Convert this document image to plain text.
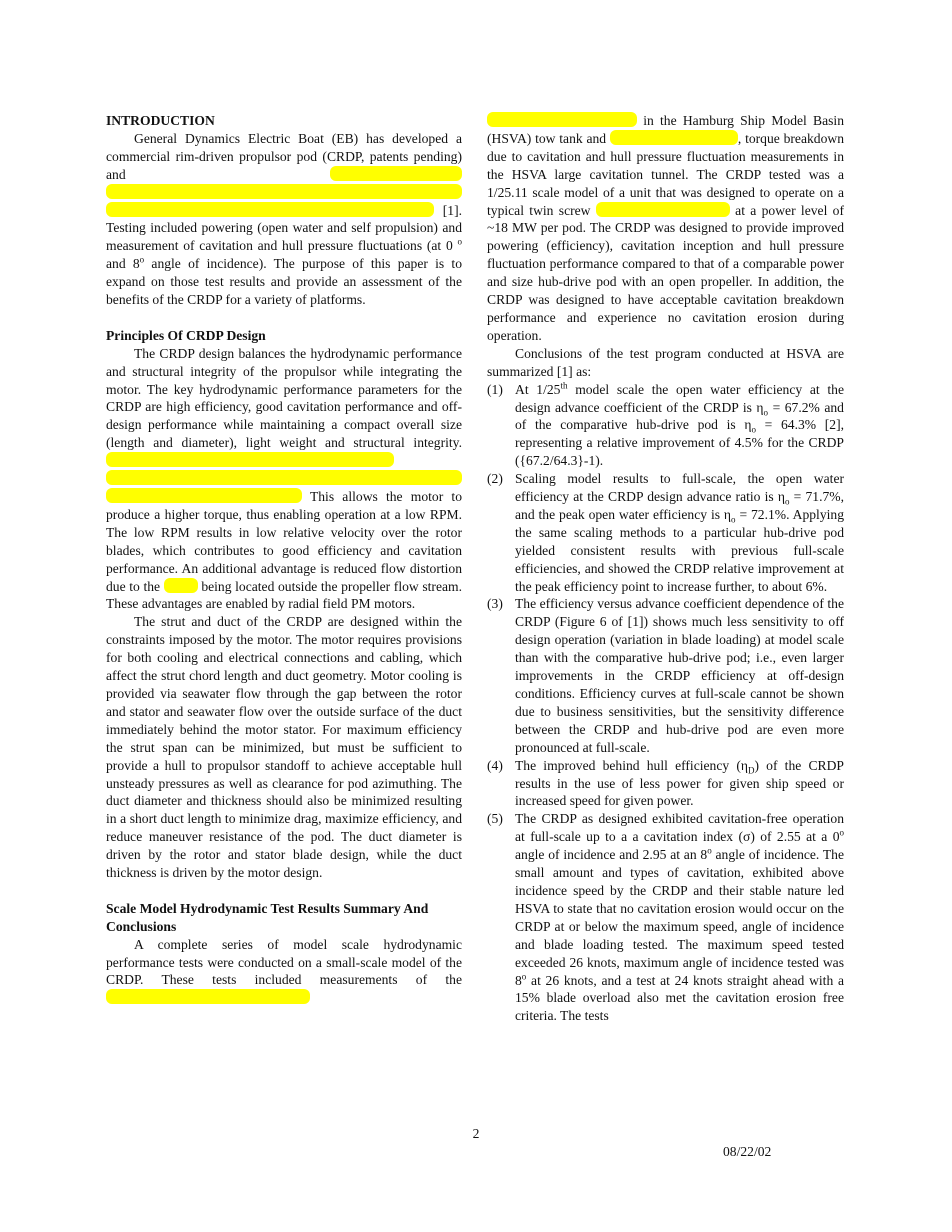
INTRODUCTION

General Dynamics Electric Boat (EB) has developed a commercial rim-driven propulsor pod (CRDP, patents pending) and    [1]. Testing included powering (open water and self propulsion) and measurement of cavitation and hull pressure fluctuations (at 0 $^o$ and 8$^o$ angle of incidence). The purpose of this paper is to expand on those test results and provide an assessment of the benefits of the CRDP for a variety of platforms.

Principles Of CRDP Design

The CRDP design balances the hydrodynamic performance and structural integrity of the propulsor while integrating the motor. The key hydrodynamic performance parameters for the CRDP are high efficiency, good cavitation performance and off-design performance while maintaining a compact overall size (length and diameter), light weight and structural integrity.    This allows the motor to produce a higher torque, thus enabling operation at a low RPM. The low RPM results in low relative velocity over the rotor blades, which contributes to good efficiency and cavitation performance. An additional advantage is reduced flow distortion due to the	being located outside the propeller flow stream. These advantages are enabled by radial field PM motors.

The strut and duct of the CRDP are designed within the constraints imposed by the motor. The motor requires provisions for both cooling and electrical connections and cabling, which affect the strut chord length and duct geometry. Motor cooling is provided via seawater flow through the gap between the rotor and stator and seawater flow over the outside surface of the duct immediately behind the motor stator. For maximum efficiency the strut span can be minimized, but must be sufficient to provide a hull to propulsor standoff to achieve acceptable hull unsteady pressures as well as clearance for pod azimuthing. The duct diameter and thickness should also be minimized resulting in a short duct length to minimize drag, maximize efficiency, and reduce maneuver resistance of the pod. The duct diameter is driven by the rotor and stator blade design, while the duct thickness is driven by the motor design.

Scale Model Hydrodynamic Test Results Summary And Conclusions

A complete series of model scale hydrodynamic performance tests were conducted on a small-scale model of the CRDP. These tests included measurements of the

in the Hamburg Ship Model Basin (HSVA) tow tank and	, torque breakdown due to cavitation and hull pressure fluctuation measurements in the HSVA large cavitation tunnel. The CRDP tested was a 1/25.11 scale model of a unit that was designed to operate on a typical twin screw	at a power level of ~18 MW per pod. The CRDP was designed to provide improved powering (efficiency), cavitation inception and hull pressure fluctuation performance compared to that of a comparable power and size hub-drive pod with an open propeller. In addition, the CRDP was designed to have acceptable cavitation breakdown performance and experience no cavitation erosion during operation.

Conclusions of the test program conducted at HSVA are summarized [1] as:

(1) At 1/25th model scale the open water efficiency at the design advance coefficient of the CRDP is $\eta_o = 67.2\%$ and of the comparative hub-drive pod is $\eta_o = 64.3\%$ [2], representing a relative improvement of 4.5% for the CRDP ({67.2/64.3}-1).
(2) Scaling model results to full-scale, the open water efficiency at the CRDP design advance ratio is $\eta_o = 71.7\%$, and the peak open water efficiency is $\eta_o = 72.1\%$. Applying the same scaling methods to a particular hub-drive pod yielded consistent results with previous full-scale efficiencies, and showed the CRDP relative improvement at the peak efficiency point to increase further, to about 6%.
(3) The efficiency versus advance coefficient dependence of the CRDP (Figure 6 of [1]) shows much less sensitivity to off design operation (variation in blade loading) at model scale than with the comparative hub-drive pod; i.e., even larger improvements in the CRDP efficiency at off-design conditions. Efficiency curves at full-scale cannot be shown due to business sensitivities, but the sensitivity difference between the CRDP and hub-drive pod are even more pronounced at full-scale.
(4) The improved behind hull efficiency $(\eta_D)$ of the CRDP results in the use of less power for given ship speed or increased speed for given power.
(5) The CRDP as designed exhibited cavitation-free operation at full-scale up to a a cavitation index (σ) of 2.55 at a 0$^o$ angle of incidence and 2.95 at an 8$^o$ angle of incidence. The small amount and types of cavitation, exhibited above incidence speed by the CRDP and their stable nature led HSVA to state that no cavitation erosion would occur on the CRDP at or below the maximum speed, angle of incidence and blade loading tested. The maximum speed tested exceeded 26 knots, maximum angle of incidence tested was 8$^o$ at 26 knots, and a test at 24 knots straight ahead with a 15% blade overload also met the cavitation erosion free criteria. The tests
2
08/22/02
